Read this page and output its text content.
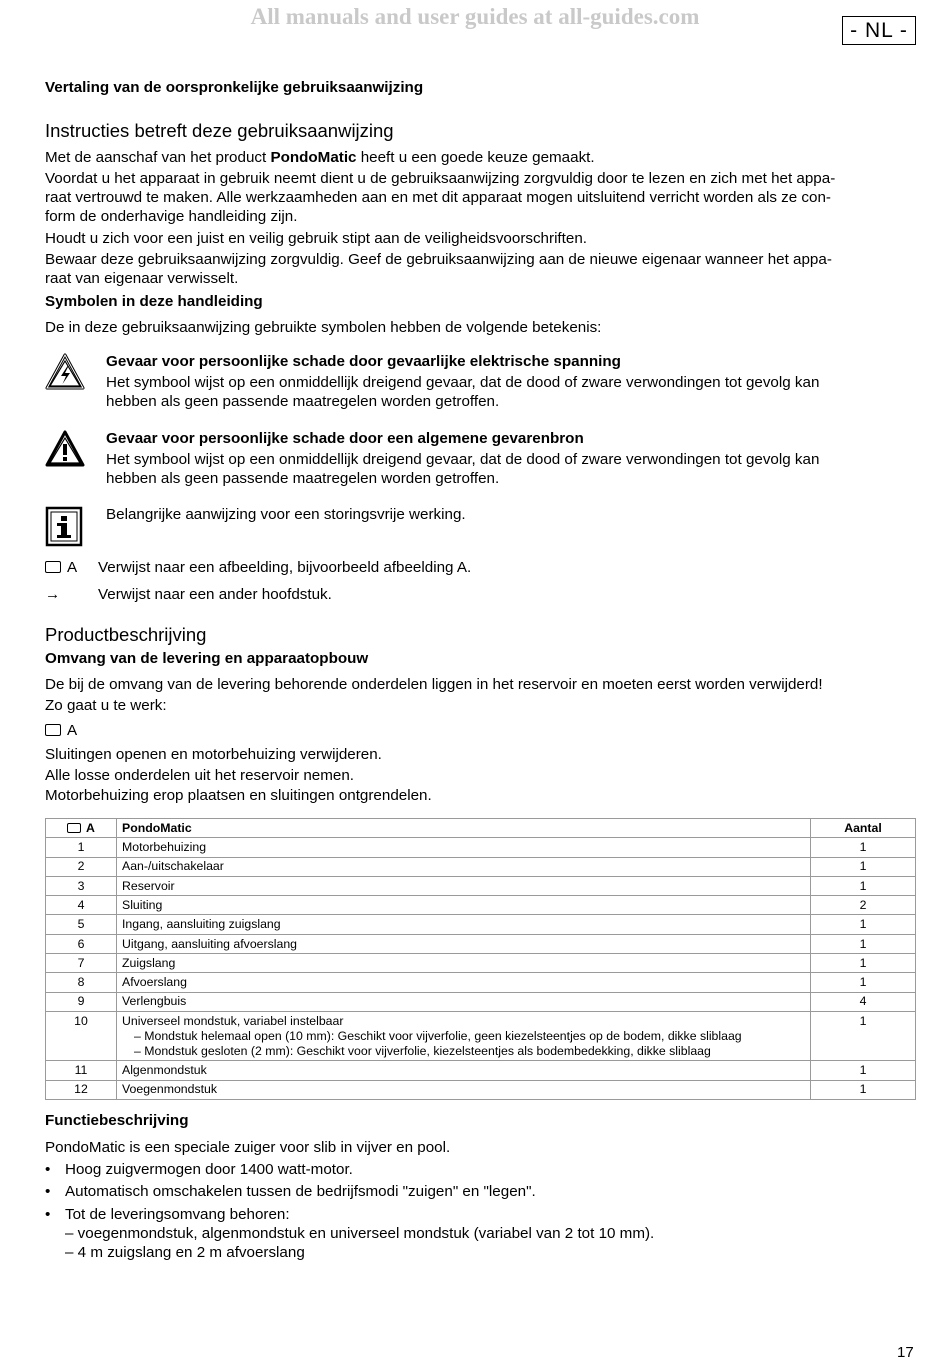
All manuals and user guides at all-guides.com
- NL -
Vertaling van de oorspronkelijke gebruiksaanwijzing
Instructies betreft deze gebruiksaanwijzing

Met de aanschaf van het product PondoMatic heeft u een goede keuze gemaakt.

Voordat u het apparaat in gebruik neemt dient u de gebruiksaanwijzing zorgvuldig door te lezen en zich met het appa-
raat vertrouwd te maken. Alle werkzaamheden aan en met dit apparaat mogen uitsluitend verricht worden als ze con-
form de onderhavige handleiding zijn.

Houdt u zich voor een juist en veilig gebruik stipt aan de veiligheidsvoorschriften.

Bewaar deze gebruiksaanwijzing zorgvuldig. Geef de gebruiksaanwijzing aan de nieuwe eigenaar wanneer het appa-
raat van eigenaar verwisselt.
Symbolen in deze handleiding

De in deze gebruiksaanwijzing gebruikte symbolen hebben de volgende betekenis:

Gevaar voor persoonlijke schade door gevaarlijke elektrische spanning
Het symbool wijst op een onmiddellijk dreigend gevaar, dat de dood of zware verwondingen tot gevolg kan
hebben als geen passende maatregelen worden getroffen.
Gevaar voor persoonlijke schade door een algemene gevarenbron
Het symbool wijst op een onmiddellijk dreigend gevaar, dat de dood of zware verwondingen tot gevolg kan
hebben als geen passende maatregelen worden getroffen.
Belangrijke aanwijzing voor een storingsvrije werking.
A Verwijst naar een afbeelding, bijvoorbeeld afbeelding A.
→ Verwijst naar een ander hoofdstuk.
Productbeschrijving
Omvang van de levering en apparaatopbouw

De bij de omvang van de levering behorende onderdelen liggen in het reservoir en moeten eerst worden verwijderd!

Zo gaat u te werk:

A

Sluitingen openen en motorbehuizing verwijderen.
Alle losse onderdelen uit het reservoir nemen.
Motorbehuizing erop plaatsen en sluitingen ontgrendelen.
A	PondoMatic	Aantal
1	Motorbehuizing	1
2	Aan-/uitschakelaar	1
3	Reservoir	1
4	Sluiting	2
5	Ingang, aansluiting zuigslang	1
6	Uitgang, aansluiting afvoerslang	1
7	Zuigslang	1
8	Afvoerslang	1
9	Verlengbuis	4
10	Universeel mondstuk, variabel instelbaar
– Mondstuk helemaal open (10 mm): Geschikt voor vijverfolie, geen kiezelsteentjes op de bodem, dikke sliblaag
– Mondstuk gesloten (2 mm): Geschikt voor vijverfolie, kiezelsteentjes als bodembedekking, dikke sliblaag	1
11	Algenmondstuk	1
12	Voegenmondstuk	1
Functiebeschrijving

PondoMatic is een speciale zuiger voor slib in vijver en pool.

• Hoog zuigvermogen door 1400 watt-motor.
• Automatisch omschakelen tussen de bedrijfsmodi "zuigen" en "legen".
• Tot de leveringsomvang behoren:
– voegenmondstuk, algenmondstuk en universeel mondstuk (variabel van 2 tot 10 mm).
– 4 m zuigslang en 2 m afvoerslang
17
